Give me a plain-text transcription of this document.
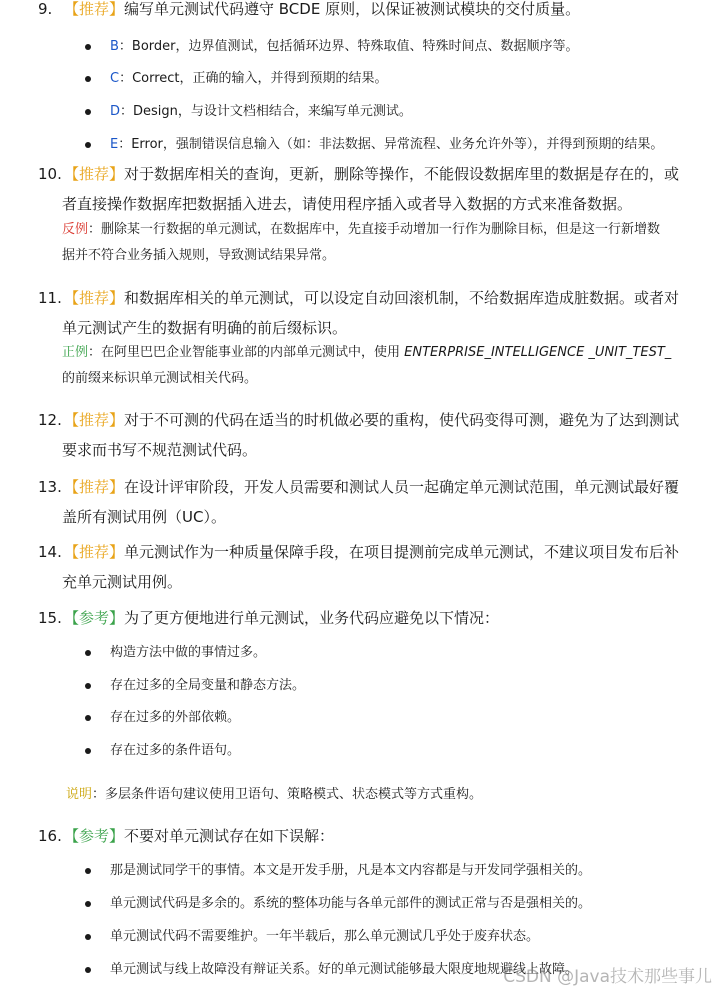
9. 【推荐】编写单元测试代码遵守 BCDE 原则，以保证被测试模块的交付质量。
B：Border，边界值测试，包括循环边界、特殊取值、特殊时间点、数据顺序等。
C：Correct，正确的输入，并得到预期的结果。
D：Design，与设计文档相结合，来编写单元测试。
E：Error，强制错误信息输入（如：非法数据、异常流程、业务允许外等），并得到预期的结果。
10. 【推荐】对于数据库相关的查询，更新，删除等操作，不能假设数据库里的数据是存在的，或
者直接操作数据库把数据插入进去，请使用程序插入或者导入数据的方式来准备数据。
反例：删除某一行数据的单元测试，在数据库中，先直接手动增加一行作为删除目标，但是这一行新增数
据并不符合业务插入规则，导致测试结果异常。
11. 【推荐】和数据库相关的单元测试，可以设定自动回滚机制，不给数据库造成脏数据。或者对
单元测试产生的数据有明确的前后缀标识。
正例：在阿里巴巴企业智能事业部的内部单元测试中，使用 ENTERPRISE_INTELLIGENCE _UNIT_TEST_
的前缀来标识单元测试相关代码。
12. 【推荐】对于不可测的代码在适当的时机做必要的重构，使代码变得可测，避免为了达到测试
要求而书写不规范测试代码。
13. 【推荐】在设计评审阶段，开发人员需要和测试人员一起确定单元测试范围，单元测试最好覆
盖所有测试用例（UC）。
14. 【推荐】单元测试作为一种质量保障手段，在项目提测前完成单元测试，不建议项目发布后补
充单元测试用例。
15. 【参考】为了更方便地进行单元测试，业务代码应避免以下情况：
构造方法中做的事情过多。
存在过多的全局变量和静态方法。
存在过多的外部依赖。
存在过多的条件语句。
说明：多层条件语句建议使用卫语句、策略模式、状态模式等方式重构。
16. 【参考】不要对单元测试存在如下误解：
那是测试同学干的事情。本文是开发手册，凡是本文内容都是与开发同学强相关的。
单元测试代码是多余的。系统的整体功能与各单元部件的测试正常与否是强相关的。
单元测试代码不需要维护。一年半载后，那么单元测试几乎处于废弃状态。
单元测试与线上故障没有辩证关系。好的单元测试能够最大限度地规避线上故障。
CSDN @Java技术那些事儿
